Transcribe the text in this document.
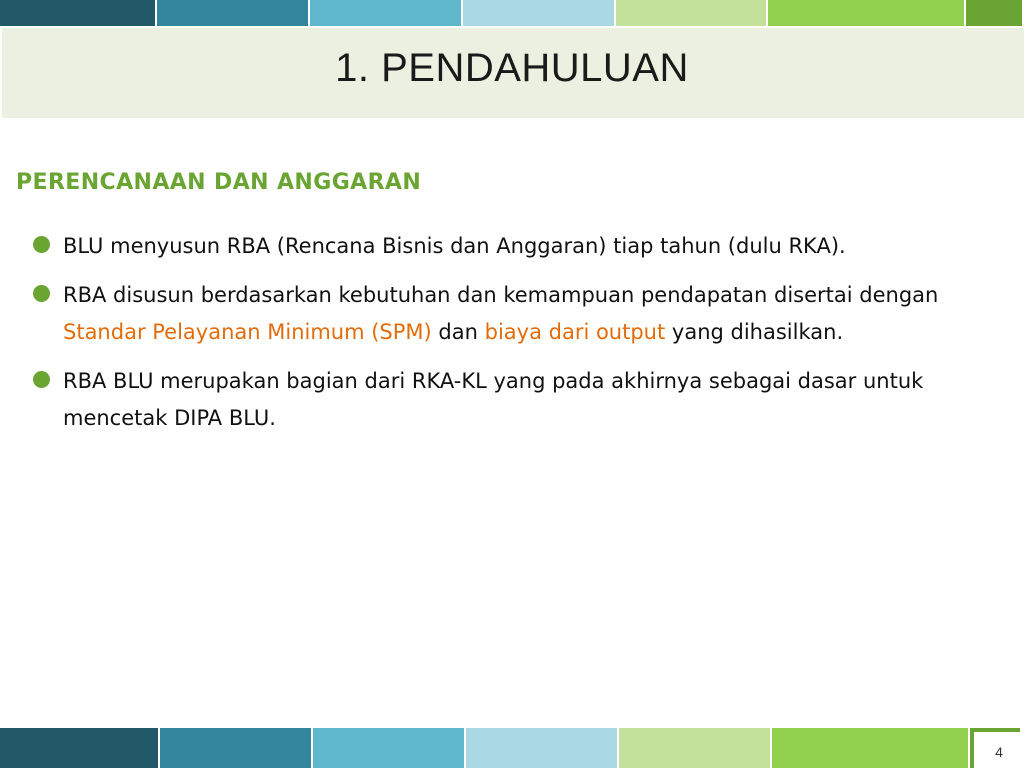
1. PENDAHULUAN
PERENCANAAN DAN ANGGARAN
BLU menyusun RBA (Rencana Bisnis dan Anggaran) tiap tahun (dulu RKA).
RBA disusun berdasarkan kebutuhan dan kemampuan pendapatan disertai dengan Standar Pelayanan Minimum (SPM) dan biaya dari output yang dihasilkan.
RBA BLU merupakan bagian dari RKA-KL yang pada akhirnya sebagai dasar untuk mencetak DIPA BLU.
4
